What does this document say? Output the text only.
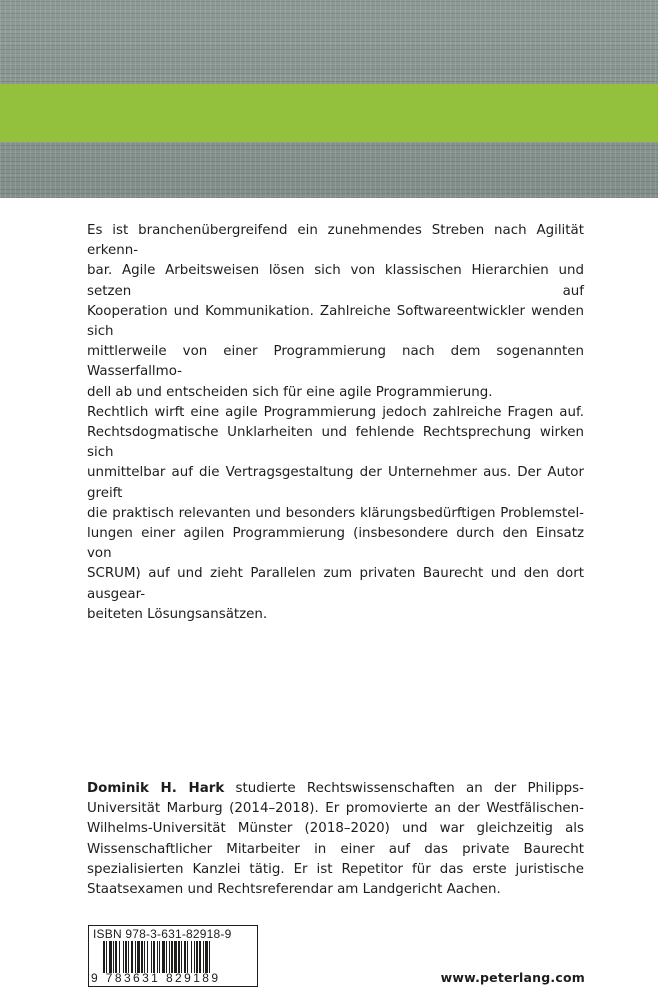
Es ist branchenübergreifend ein zunehmendes Streben nach Agilität erkenn-
bar. Agile Arbeitsweisen lösen sich von klassischen Hierarchien und setzen auf
Kooperation und Kommunikation. Zahlreiche Softwareentwickler wenden sich
mittlerweile von einer Programmierung nach dem sogenannten Wasserfallmo-
dell ab und entscheiden sich für eine agile Programmierung.
Rechtlich wirft eine agile Programmierung jedoch zahlreiche Fragen auf.
Rechtsdogmatische Unklarheiten und fehlende Rechtsprechung wirken sich
unmittelbar auf die Vertragsgestaltung der Unternehmer aus. Der Autor greift
die praktisch relevanten und besonders klärungsbedürftigen Problemstel-
lungen einer agilen Programmierung (insbesondere durch den Einsatz von
SCRUM) auf und zieht Parallelen zum privaten Baurecht und den dort ausgear-
beiteten Lösungsansätzen.

Dominik H. Hark studierte Rechtswissenschaften an der Philipps-Universität Marburg (2014–2018). Er promovierte an der Westfälischen-Wilhelms-Universität Münster (2018–2020) und war gleichzeitig als Wissenschaftlicher Mitarbeiter in einer auf das private Baurecht spezialisierten Kanzlei tätig. Er ist Repetitor für das erste juristische Staatsexamen und Rechtsreferendar am Landgericht Aachen.

ISBN 978-3-631-82918-9
9 783631 829189	www.peterlang.com
